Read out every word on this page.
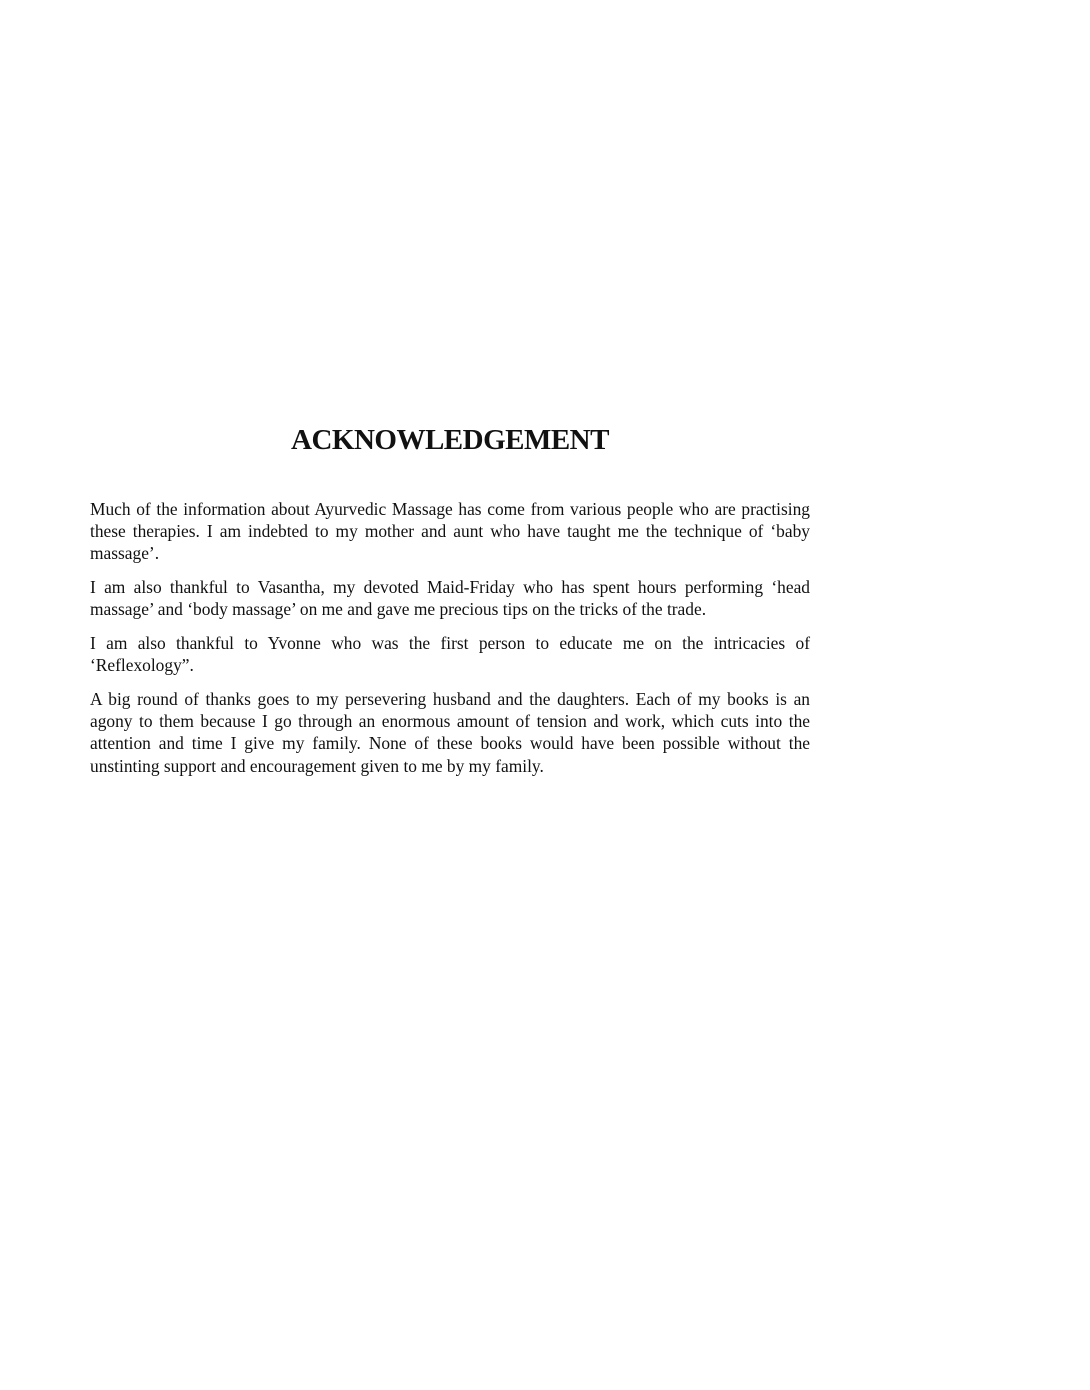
ACKNOWLEDGEMENT

Much of the information about Ayurvedic Massage has come from various people who are practising these therapies. I am indebted to my mother and aunt who have taught me the technique of ‘baby massage’.

I am also thankful to Vasantha, my devoted Maid-Friday who has spent hours performing ‘head massage’ and ‘body massage’ on me and gave me precious tips on the tricks of the trade.

I am also thankful to Yvonne who was the first person to educate me on the intricacies of ‘Reflexology”.

A big round of thanks goes to my persevering husband and the daughters. Each of my books is an agony to them because I go through an enormous amount of tension and work, which cuts into the attention and time I give my family. None of these books would have been possible without the unstinting support and encouragement given to me by my family.
